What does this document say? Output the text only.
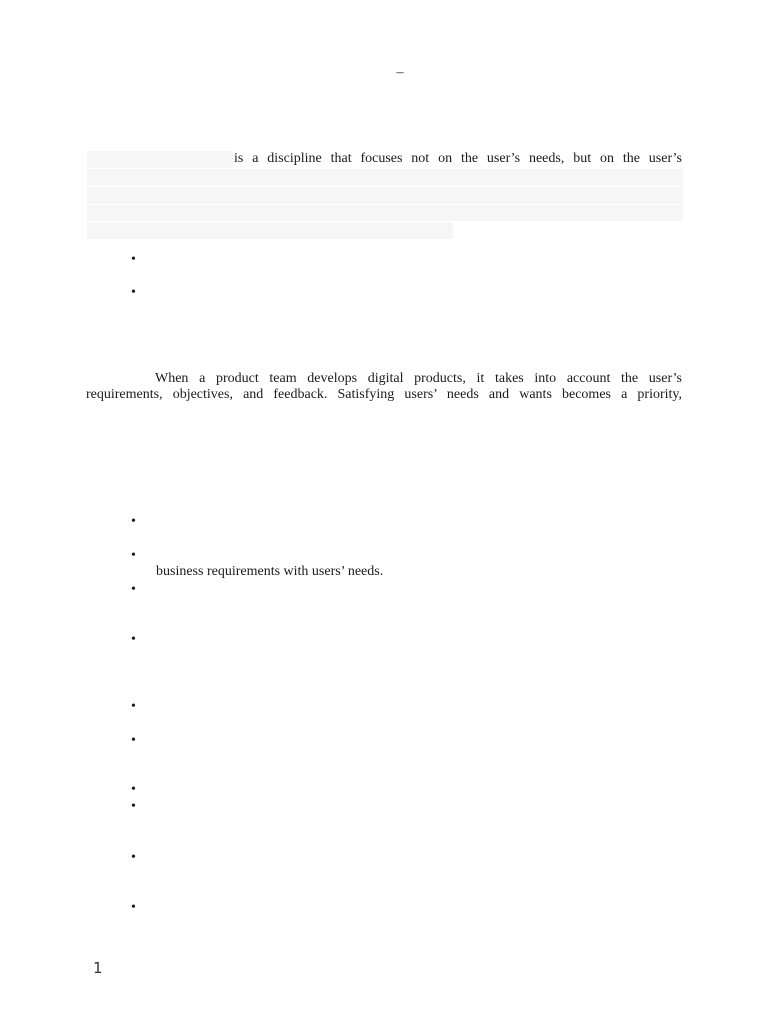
–
is a discipline that focuses not on the user’s needs, but on the user’s
•
•
When a product team develops digital products, it takes into account the user’s
requirements, objectives, and feedback. Satisfying users’ needs and wants becomes a priority,
•
•
business requirements with users’ needs.
•
•
•
•
•
•
•
•
1
